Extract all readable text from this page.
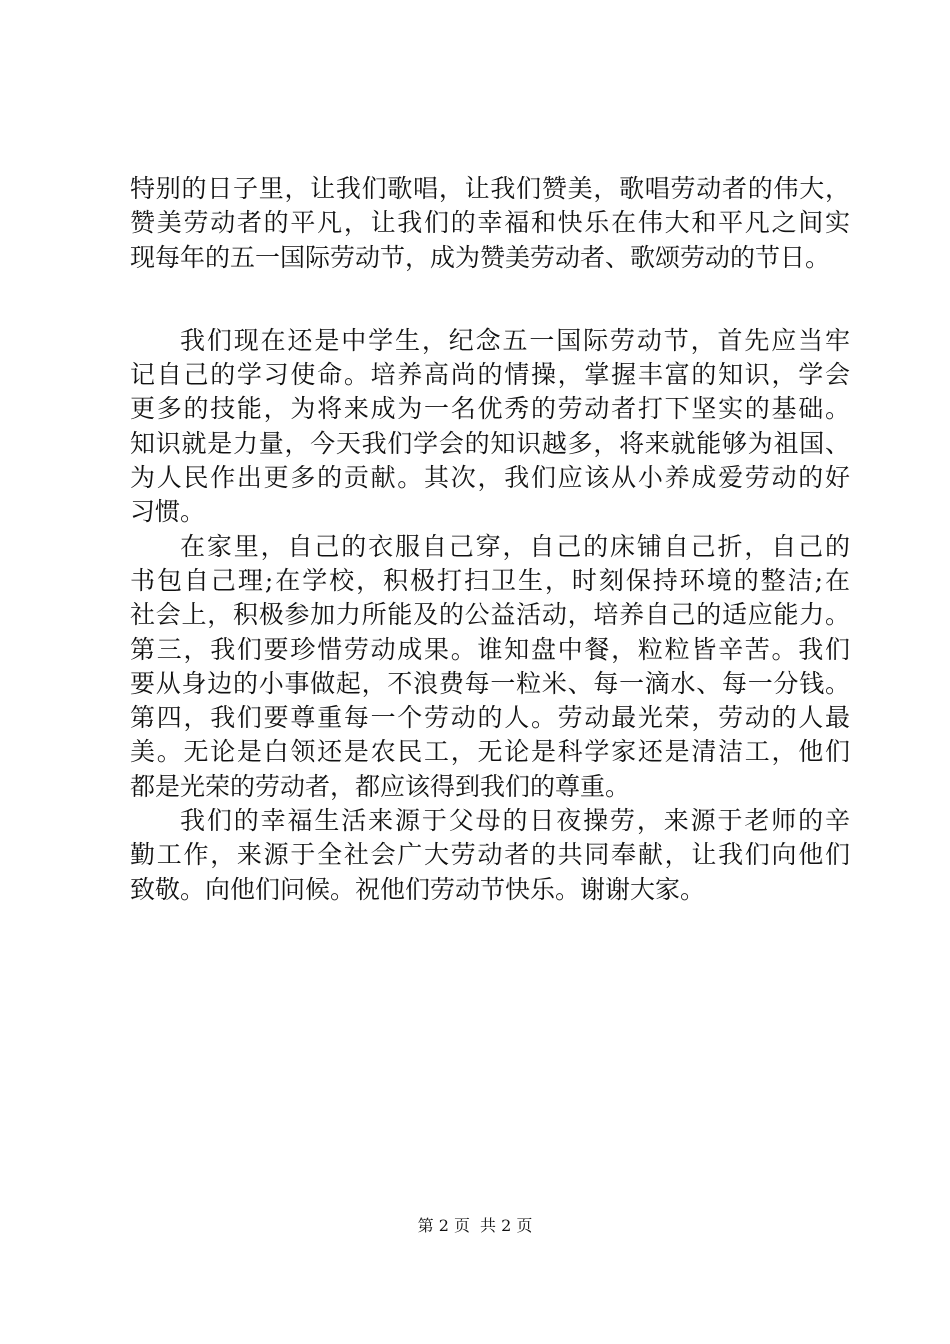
特别的日子里，让我们歌唱，让我们赞美，歌唱劳动者的伟大，
赞美劳动者的平凡，让我们的幸福和快乐在伟大和平凡之间实
现每年的五一国际劳动节，成为赞美劳动者、歌颂劳动的节日。
我们现在还是中学生，纪念五一国际劳动节，首先应当牢
记自己的学习使命。培养高尚的情操，掌握丰富的知识，学会
更多的技能，为将来成为一名优秀的劳动者打下坚实的基础。
知识就是力量，今天我们学会的知识越多，将来就能够为祖国、
为人民作出更多的贡献。其次，我们应该从小养成爱劳动的好
习惯。
在家里，自己的衣服自己穿，自己的床铺自己折，自己的
书包自己理;在学校，积极打扫卫生，时刻保持环境的整洁;在
社会上，积极参加力所能及的公益活动，培养自己的适应能力。
第三，我们要珍惜劳动成果。谁知盘中餐，粒粒皆辛苦。我们
要从身边的小事做起，不浪费每一粒米、每一滴水、每一分钱。
第四，我们要尊重每一个劳动的人。劳动最光荣，劳动的人最
美。无论是白领还是农民工，无论是科学家还是清洁工，他们
都是光荣的劳动者，都应该得到我们的尊重。
我们的幸福生活来源于父母的日夜操劳，来源于老师的辛
勤工作，来源于全社会广大劳动者的共同奉献，让我们向他们
致敬。向他们问候。祝他们劳动节快乐。谢谢大家。
第 2 页 共 2 页
